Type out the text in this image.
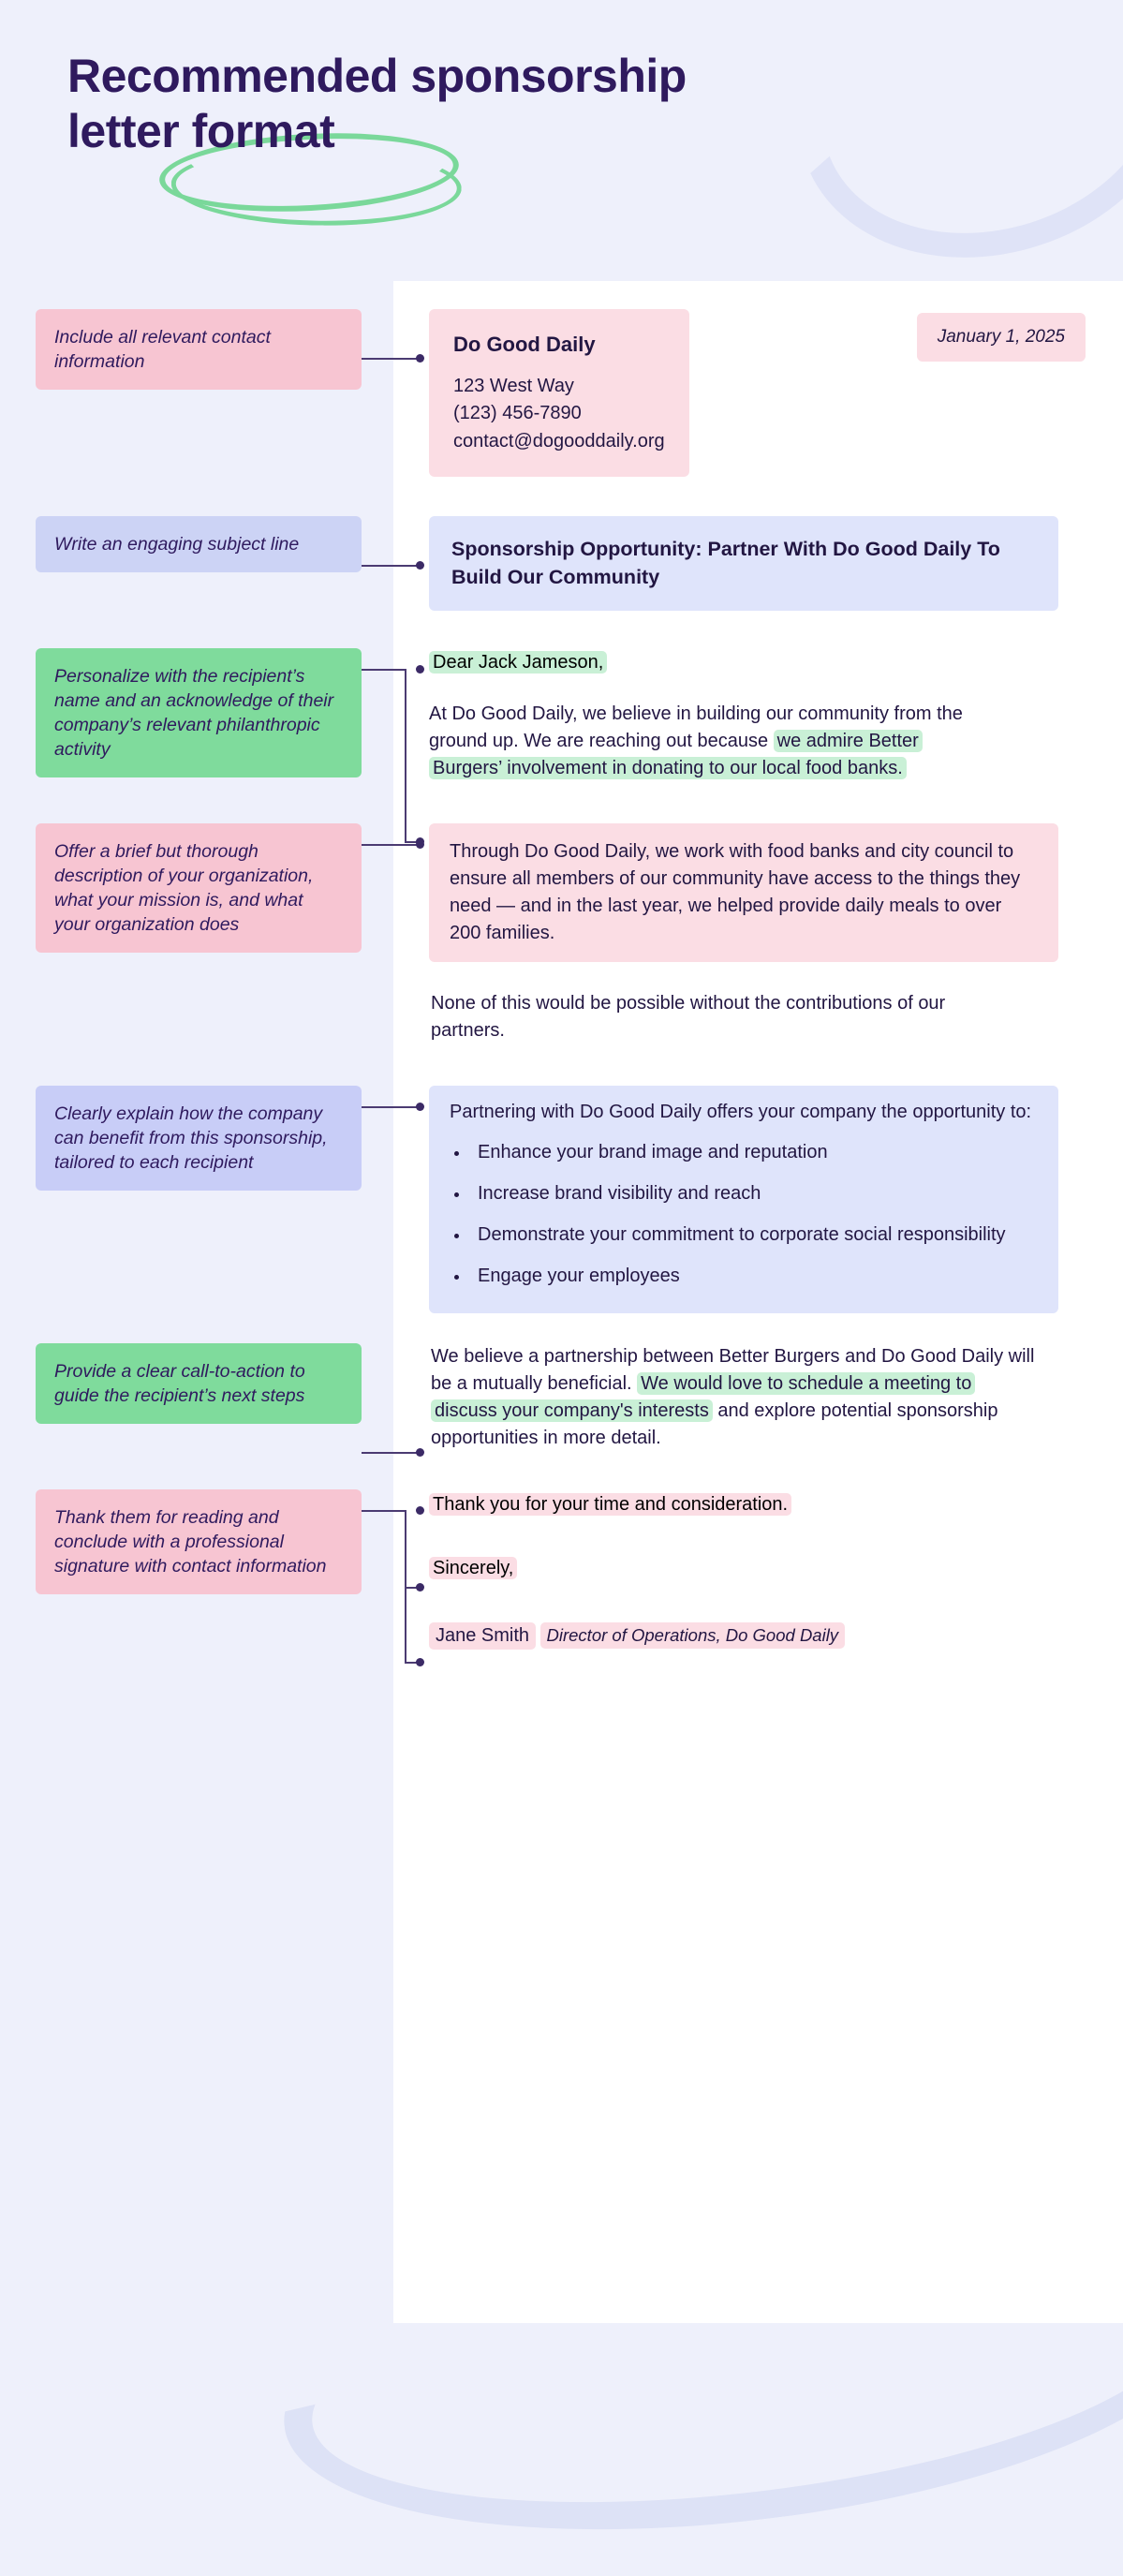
Recommended sponsorship
letter format
Include all relevant contact information
Do Good Daily
123 West Way
(123) 456-7890
contact@dogooddaily.org
January 1, 2025
Write an engaging subject line	Sponsorship Opportunity: Partner With Do Good Daily To Build Our Community
Personalize with the recipient’s name and an acknowledge of their company’s relevant philanthropic activity
Dear Jack Jameson,

At Do Good Daily, we believe in building our community from the ground up. We are reaching out because we admire Better Burgers’ involvement in donating to our local food banks.

Offer a brief but thorough description of your organization, what your mission is, and what your organization does
Through Do Good Daily, we work with food banks and city council to ensure all members of our community have access to the things they need — and in the last year, we helped provide daily meals to over 200 families.

None of this would be possible without the contributions of our partners.

Clearly explain how the company can benefit from this sponsorship, tailored to each recipient

Partnering with Do Good Daily offers your company the opportunity to:

• Enhance your brand image and reputation
• Increase brand visibility and reach
• Demonstrate your commitment to corporate social responsibility
• Engage your employees
Provide a clear call-to-action to guide the recipient’s next steps

We believe a partnership between Better Burgers and Do Good Daily will be a mutually beneficial. We would love to schedule a meeting to discuss your company's interests and explore potential sponsorship opportunities in more detail.

Thank them for reading and conclude with a professional signature with contact information
Thank you for your time and consideration.
Sincerely,
Jane Smith Director of Operations, Do Good Daily
